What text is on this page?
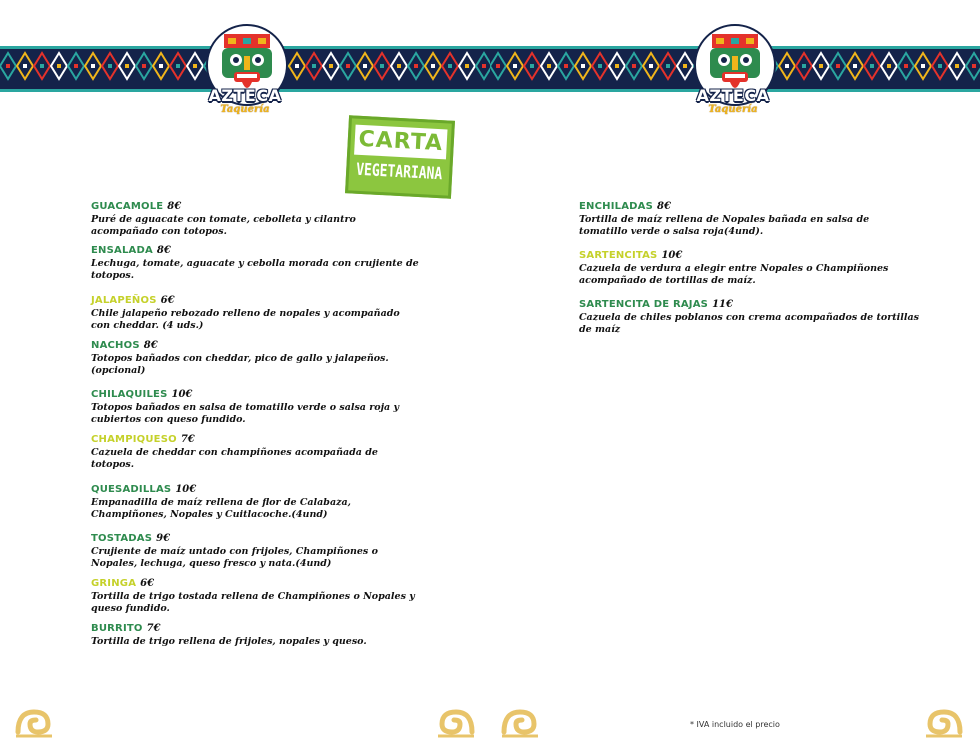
AZTECA
Taquería
CARTA
VEGETARIANA
GUACAMOLE 8€
Puré de aguacate con tomate, cebolleta y cilantro acompañado con totopos.
ENSALADA 8€
Lechuga, tomate, aguacate y cebolla morada con crujiente de totopos.
JALAPEÑOS 6€
Chile jalapeño rebozado relleno de nopales y acompañado con cheddar. (4 uds.)
NACHOS 8€
Totopos bañados con cheddar, pico de gallo y jalapeños. (opcional)
CHILAQUILES 10€
Totopos bañados en salsa de tomatillo verde o salsa roja y cubiertos con queso fundido.
CHAMPIQUESO 7€
Cazuela de cheddar con champiñones acompañada de totopos.
QUESADILLAS 10€
Empanadilla de maíz rellena de flor de Calabaza, Champiñones, Nopales y Cuitlacoche.(4und)
TOSTADAS 9€
Crujiente de maíz untado con frijoles, Champiñones o Nopales, lechuga, queso fresco y nata.(4und)
GRINGA 6€
Tortilla de trigo tostada rellena de Champiñones o Nopales y queso fundido.
BURRITO 7€
Tortilla de trigo rellena de frijoles, nopales y queso.
AZTECA
Taquería
ENCHILADAS 8€
Tortilla de maíz rellena de Nopales bañada en salsa de tomatillo verde o salsa roja(4und).
SARTENCITAS 10€
Cazuela de verdura a elegir entre Nopales o Champiñones acompañado de tortillas de maíz.
SARTENCITA DE RAJAS 11€
Cazuela de chiles poblanos con crema acompañados de tortillas de maíz
* IVA incluido el precio
